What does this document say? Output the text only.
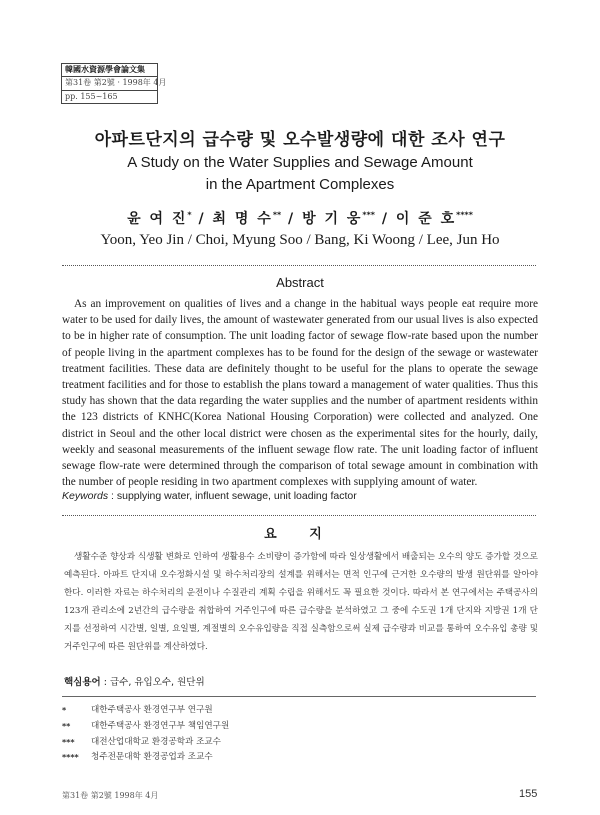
韓國水資源學會論文集
第31卷 第2號 · 1998年 4月
pp. 155~165
아파트단지의 급수량 및 오수발생량에 대한 조사 연구
A Study on the Water Supplies and Sewage Amount
in the Apartment Complexes
윤 여 진* / 최 명 수** / 방 기 웅*** / 이 준 호****
Yoon, Yeo Jin / Choi, Myung Soo / Bang, Ki Woong / Lee, Jun Ho
Abstract

As an improvement on qualities of lives and a change in the habitual ways people eat require more water to be used for daily lives, the amount of wastewater generated from our usual lives is also expected to be in higher rate of consumption. The unit loading factor of sewage flow-rate based upon the number of people living in the apartment complexes has to be found for the design of the sewage or wastewater treatment facilities. These data are definitely thought to be useful for the plans to operate the sewage treatment facilities and for those to establish the plans toward a management of water qualities. Thus this study has shown that the data regarding the water supplies and the number of apartment residents within the 123 districts of KNHC(Korea National Housing Corporation) were collected and analyzed. One district in Seoul and the other local district were chosen as the experimental sites for the hourly, daily, weekly and seasonal measurements of the influent sewage flow rate. The unit loading factor of influent sewage flow-rate were determined through the comparison of total sewage amount in combination with the number of people residing in two apartment complexes with supplying amount of water.

Keywords : supplying water, influent sewage, unit loading factor
요 지

생활수준 향상과 식생활 변화로 인하여 생활용수 소비량이 증가함에 따라 일상생활에서 배출되는 오수의 양도 증가할 것으로 예측된다. 아파트 단지내 오수정화시설 및 하수처리장의 설계를 위해서는 면적 인구에 근거한 오수량의 발생 원단위를 알아야 한다. 이러한 자료는 하수처리의 운전이나 수질관리 계획 수립을 위해서도 꼭 필요한 것이다. 따라서 본 연구에서는 주택공사의 123개 관리소에 2년간의 급수량을 취합하여 거주인구에 따른 급수량을 분석하였고 그 중에 수도권 1개 단지와 지방권 1개 단지를 선정하여 시간별, 일별, 요일별, 계절별의 오수유입량을 직접 실측함으로써 실제 급수량과 비교를 통하여 오수유입 총량 및 거주인구에 따른 원단위를 계산하였다.

핵심용어 : 급수, 유입오수, 원단위
*	대한주택공사 환경연구부 연구원
**	대한주택공사 환경연구부 책임연구원
***	대전산업대학교 환경공학과 조교수
****	청주전문대학 환경공업과 조교수
第31卷 第2號 1998年 4月	155
